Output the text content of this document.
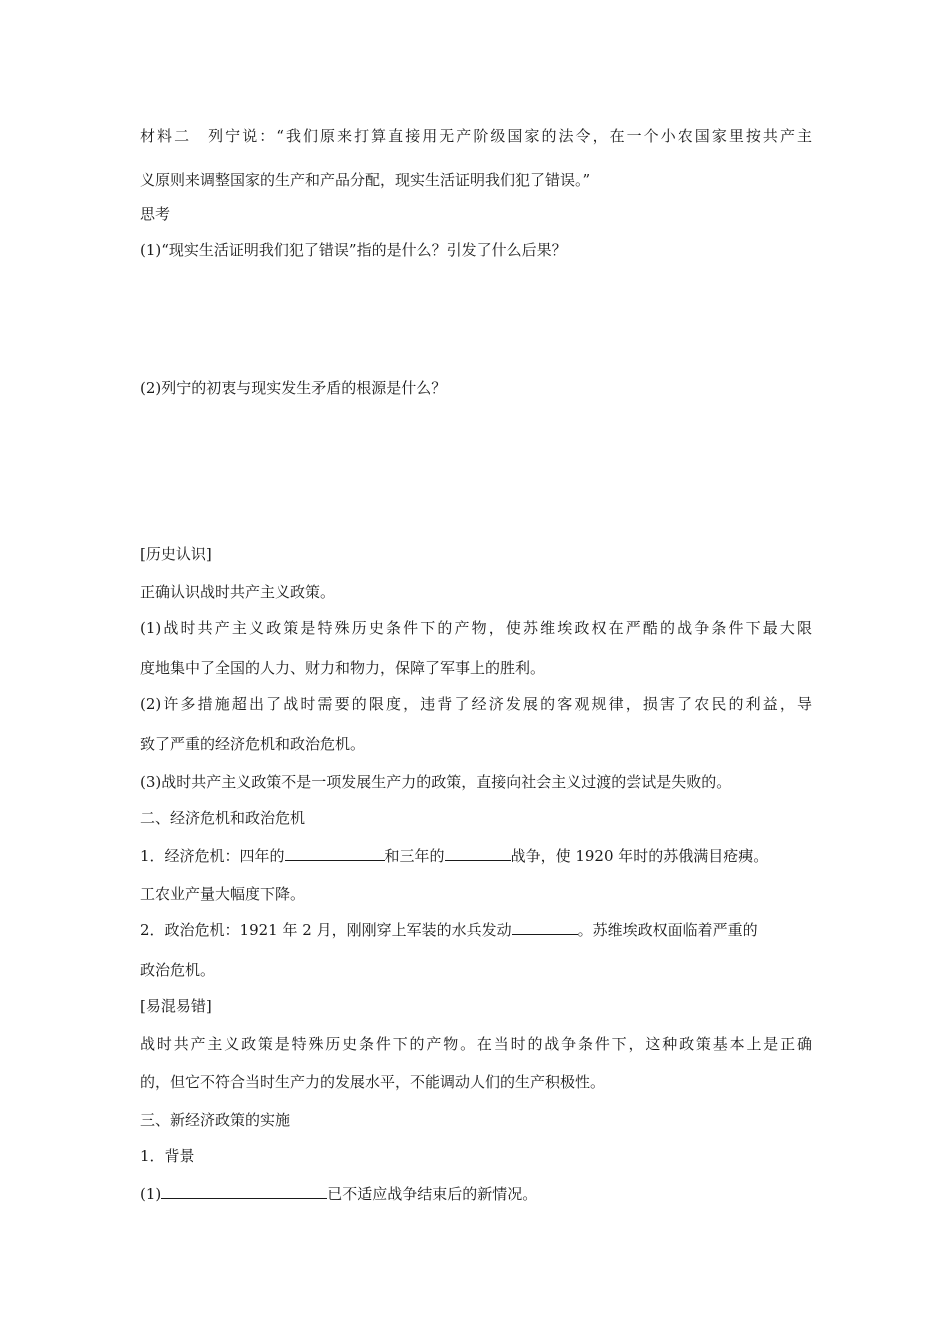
材料二　列宁说：“我们原来打算直接用无产阶级国家的法令，在一个小农国家里按共产主
义原则来调整国家的生产和产品分配，现实生活证明我们犯了错误。”
思考
(1)“现实生活证明我们犯了错误”指的是什么？引发了什么后果？
(2)列宁的初衷与现实发生矛盾的根源是什么？
[历史认识]
正确认识战时共产主义政策。
(1)战时共产主义政策是特殊历史条件下的产物，使苏维埃政权在严酷的战争条件下最大限
度地集中了全国的人力、财力和物力，保障了军事上的胜利。
(2)许多措施超出了战时需要的限度，违背了经济发展的客观规律，损害了农民的利益，导
致了严重的经济危机和政治危机。
(3)战时共产主义政策不是一项发展生产力的政策，直接向社会主义过渡的尝试是失败的。
二、经济危机和政治危机
1．经济危机：四年的	和三年的	战争，使 1920 年时的苏俄满目疮痍。
工农业产量大幅度下降。
2．政治危机：1921 年 2 月，刚刚穿上军装的水兵发动	。苏维埃政权面临着严重的
政治危机。
[易混易错]
战时共产主义政策是特殊历史条件下的产物。在当时的战争条件下，这种政策基本上是正确
的，但它不符合当时生产力的发展水平，不能调动人们的生产积极性。
三、新经济政策的实施
1．背景
(1)	已不适应战争结束后的新情况。
